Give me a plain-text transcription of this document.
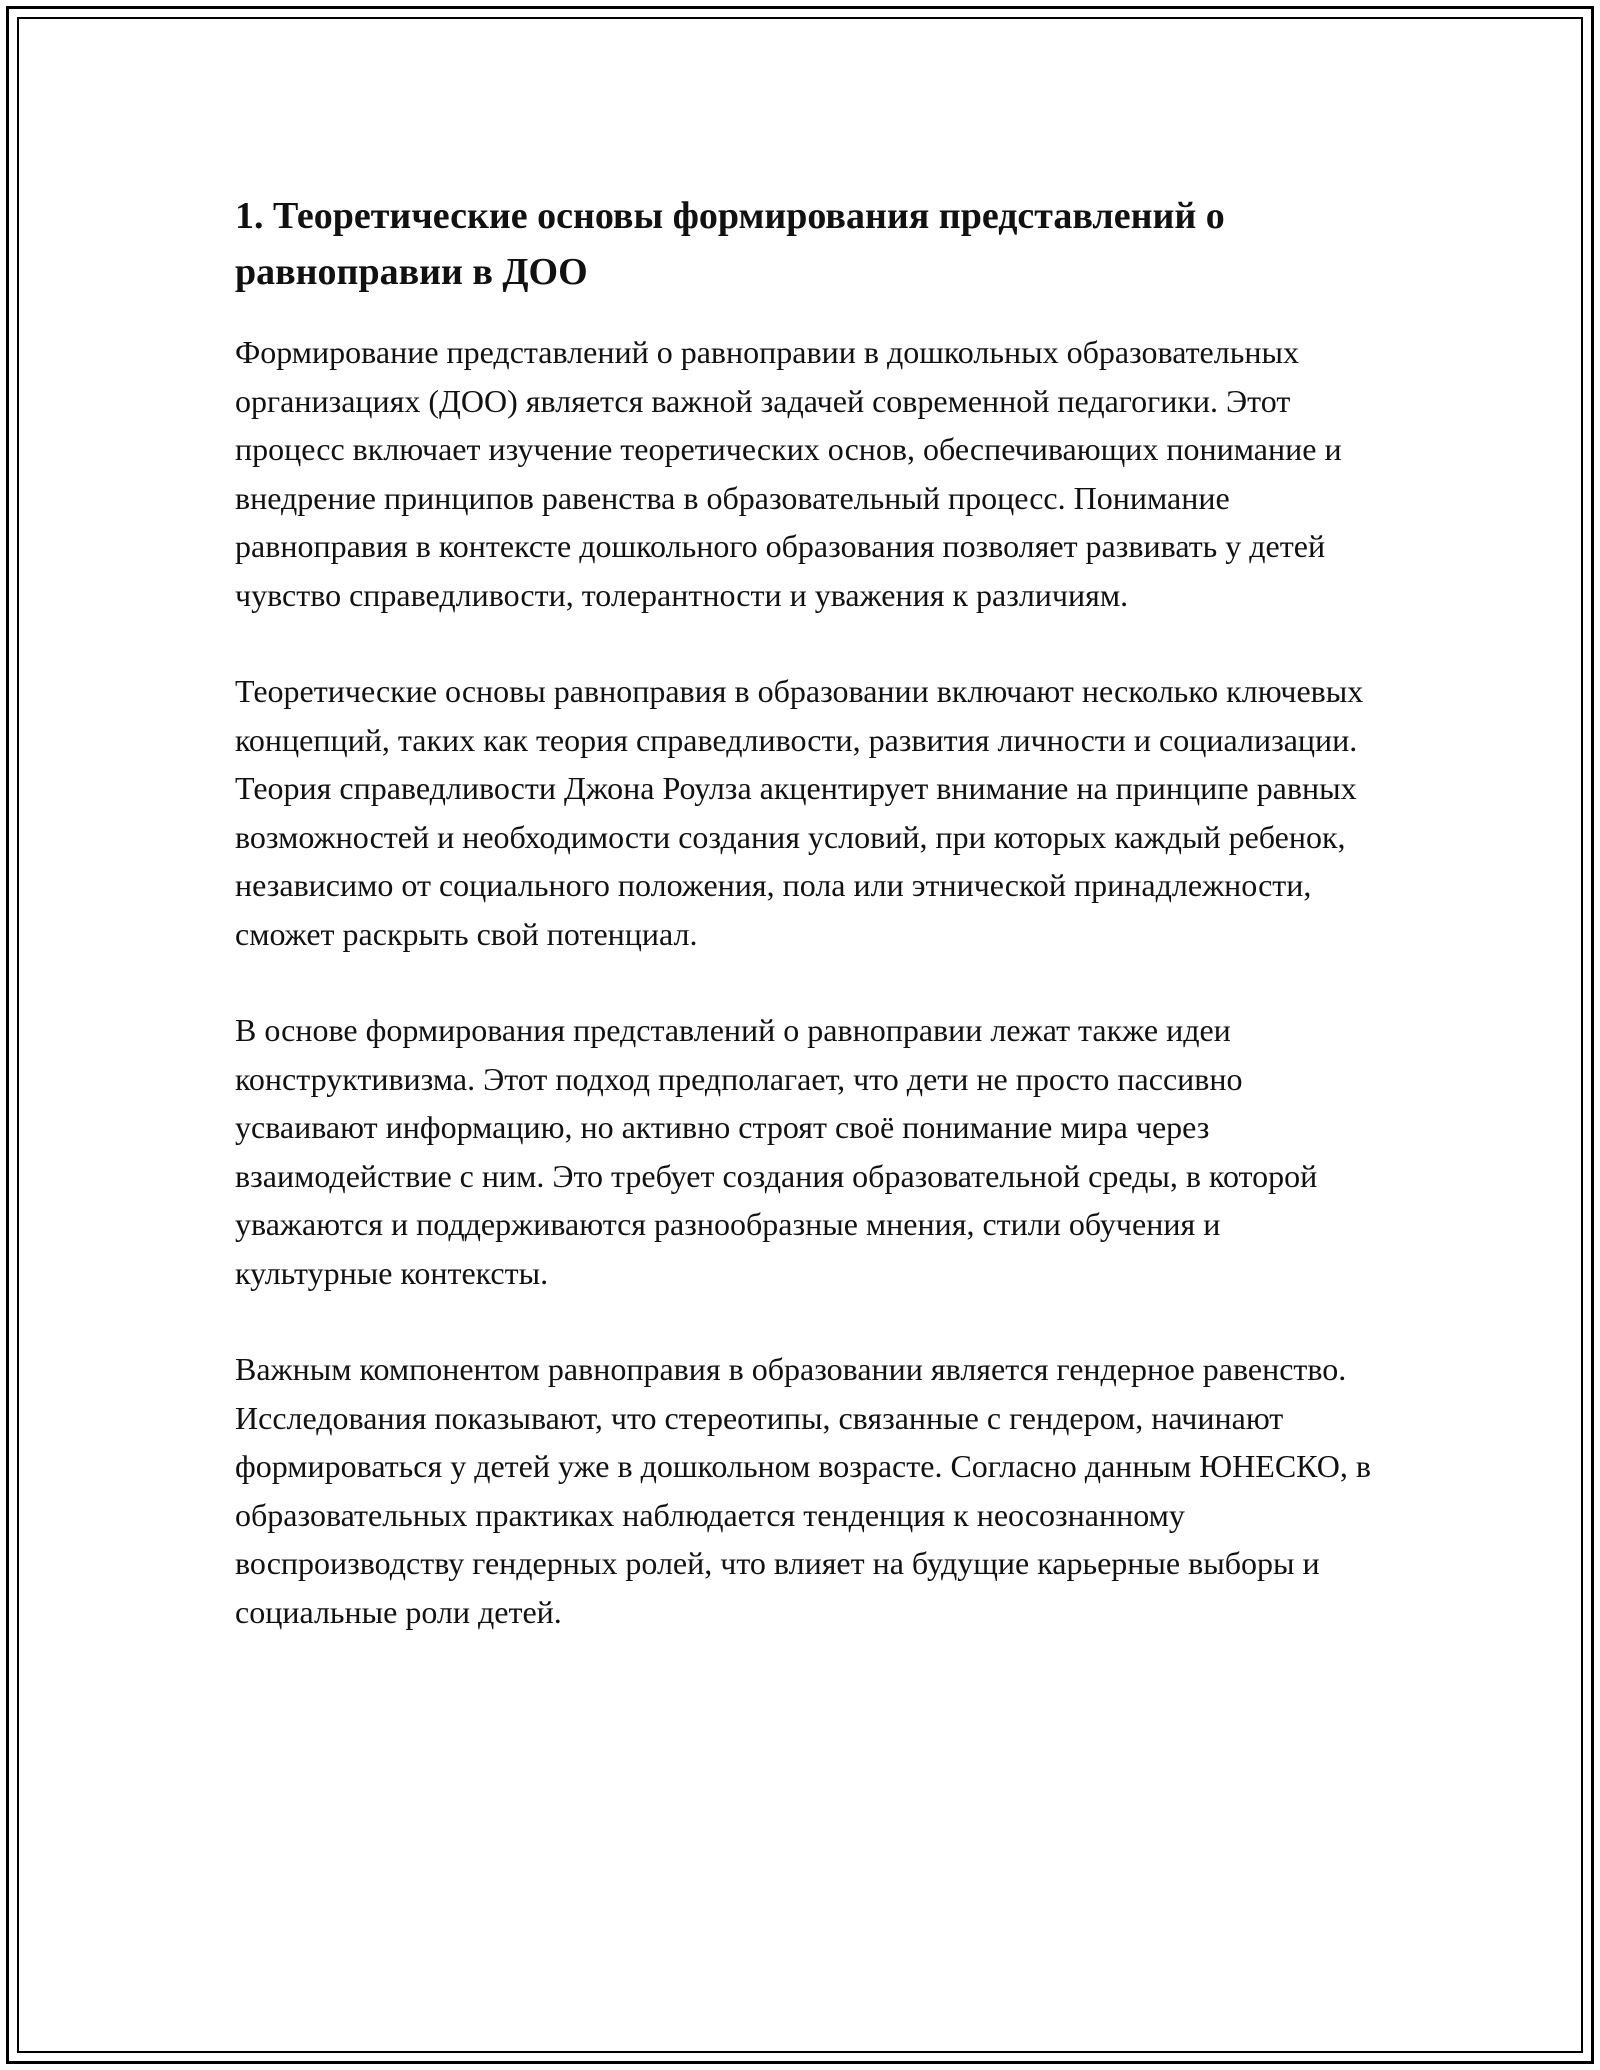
1. Теоретические основы формирования представлений о равноправии в ДОО

Формирование представлений о равноправии в дошкольных образовательных организациях (ДОО) является важной задачей современной педагогики. Этот процесс включает изучение теоретических основ, обеспечивающих понимание и внедрение принципов равенства в образовательный процесс. Понимание равноправия в контексте дошкольного образования позволяет развивать у детей чувство справедливости, толерантности и уважения к различиям.

Теоретические основы равноправия в образовании включают несколько ключевых концепций, таких как теория справедливости, развития личности и социализации. Теория справедливости Джона Роулза акцентирует внимание на принципе равных возможностей и необходимости создания условий, при которых каждый ребенок, независимо от социального положения, пола или этнической принадлежности, сможет раскрыть свой потенциал.

В основе формирования представлений о равноправии лежат также идеи конструктивизма. Этот подход предполагает, что дети не просто пассивно усваивают информацию, но активно строят своё понимание мира через взаимодействие с ним. Это требует создания образовательной среды, в которой уважаются и поддерживаются разнообразные мнения, стили обучения и культурные контексты.

Важным компонентом равноправия в образовании является гендерное равенство. Исследования показывают, что стереотипы, связанные с гендером, начинают формироваться у детей уже в дошкольном возрасте. Согласно данным ЮНЕСКО, в образовательных практиках наблюдается тенденция к неосознанному воспроизводству гендерных ролей, что влияет на будущие карьерные выборы и социальные роли детей.
